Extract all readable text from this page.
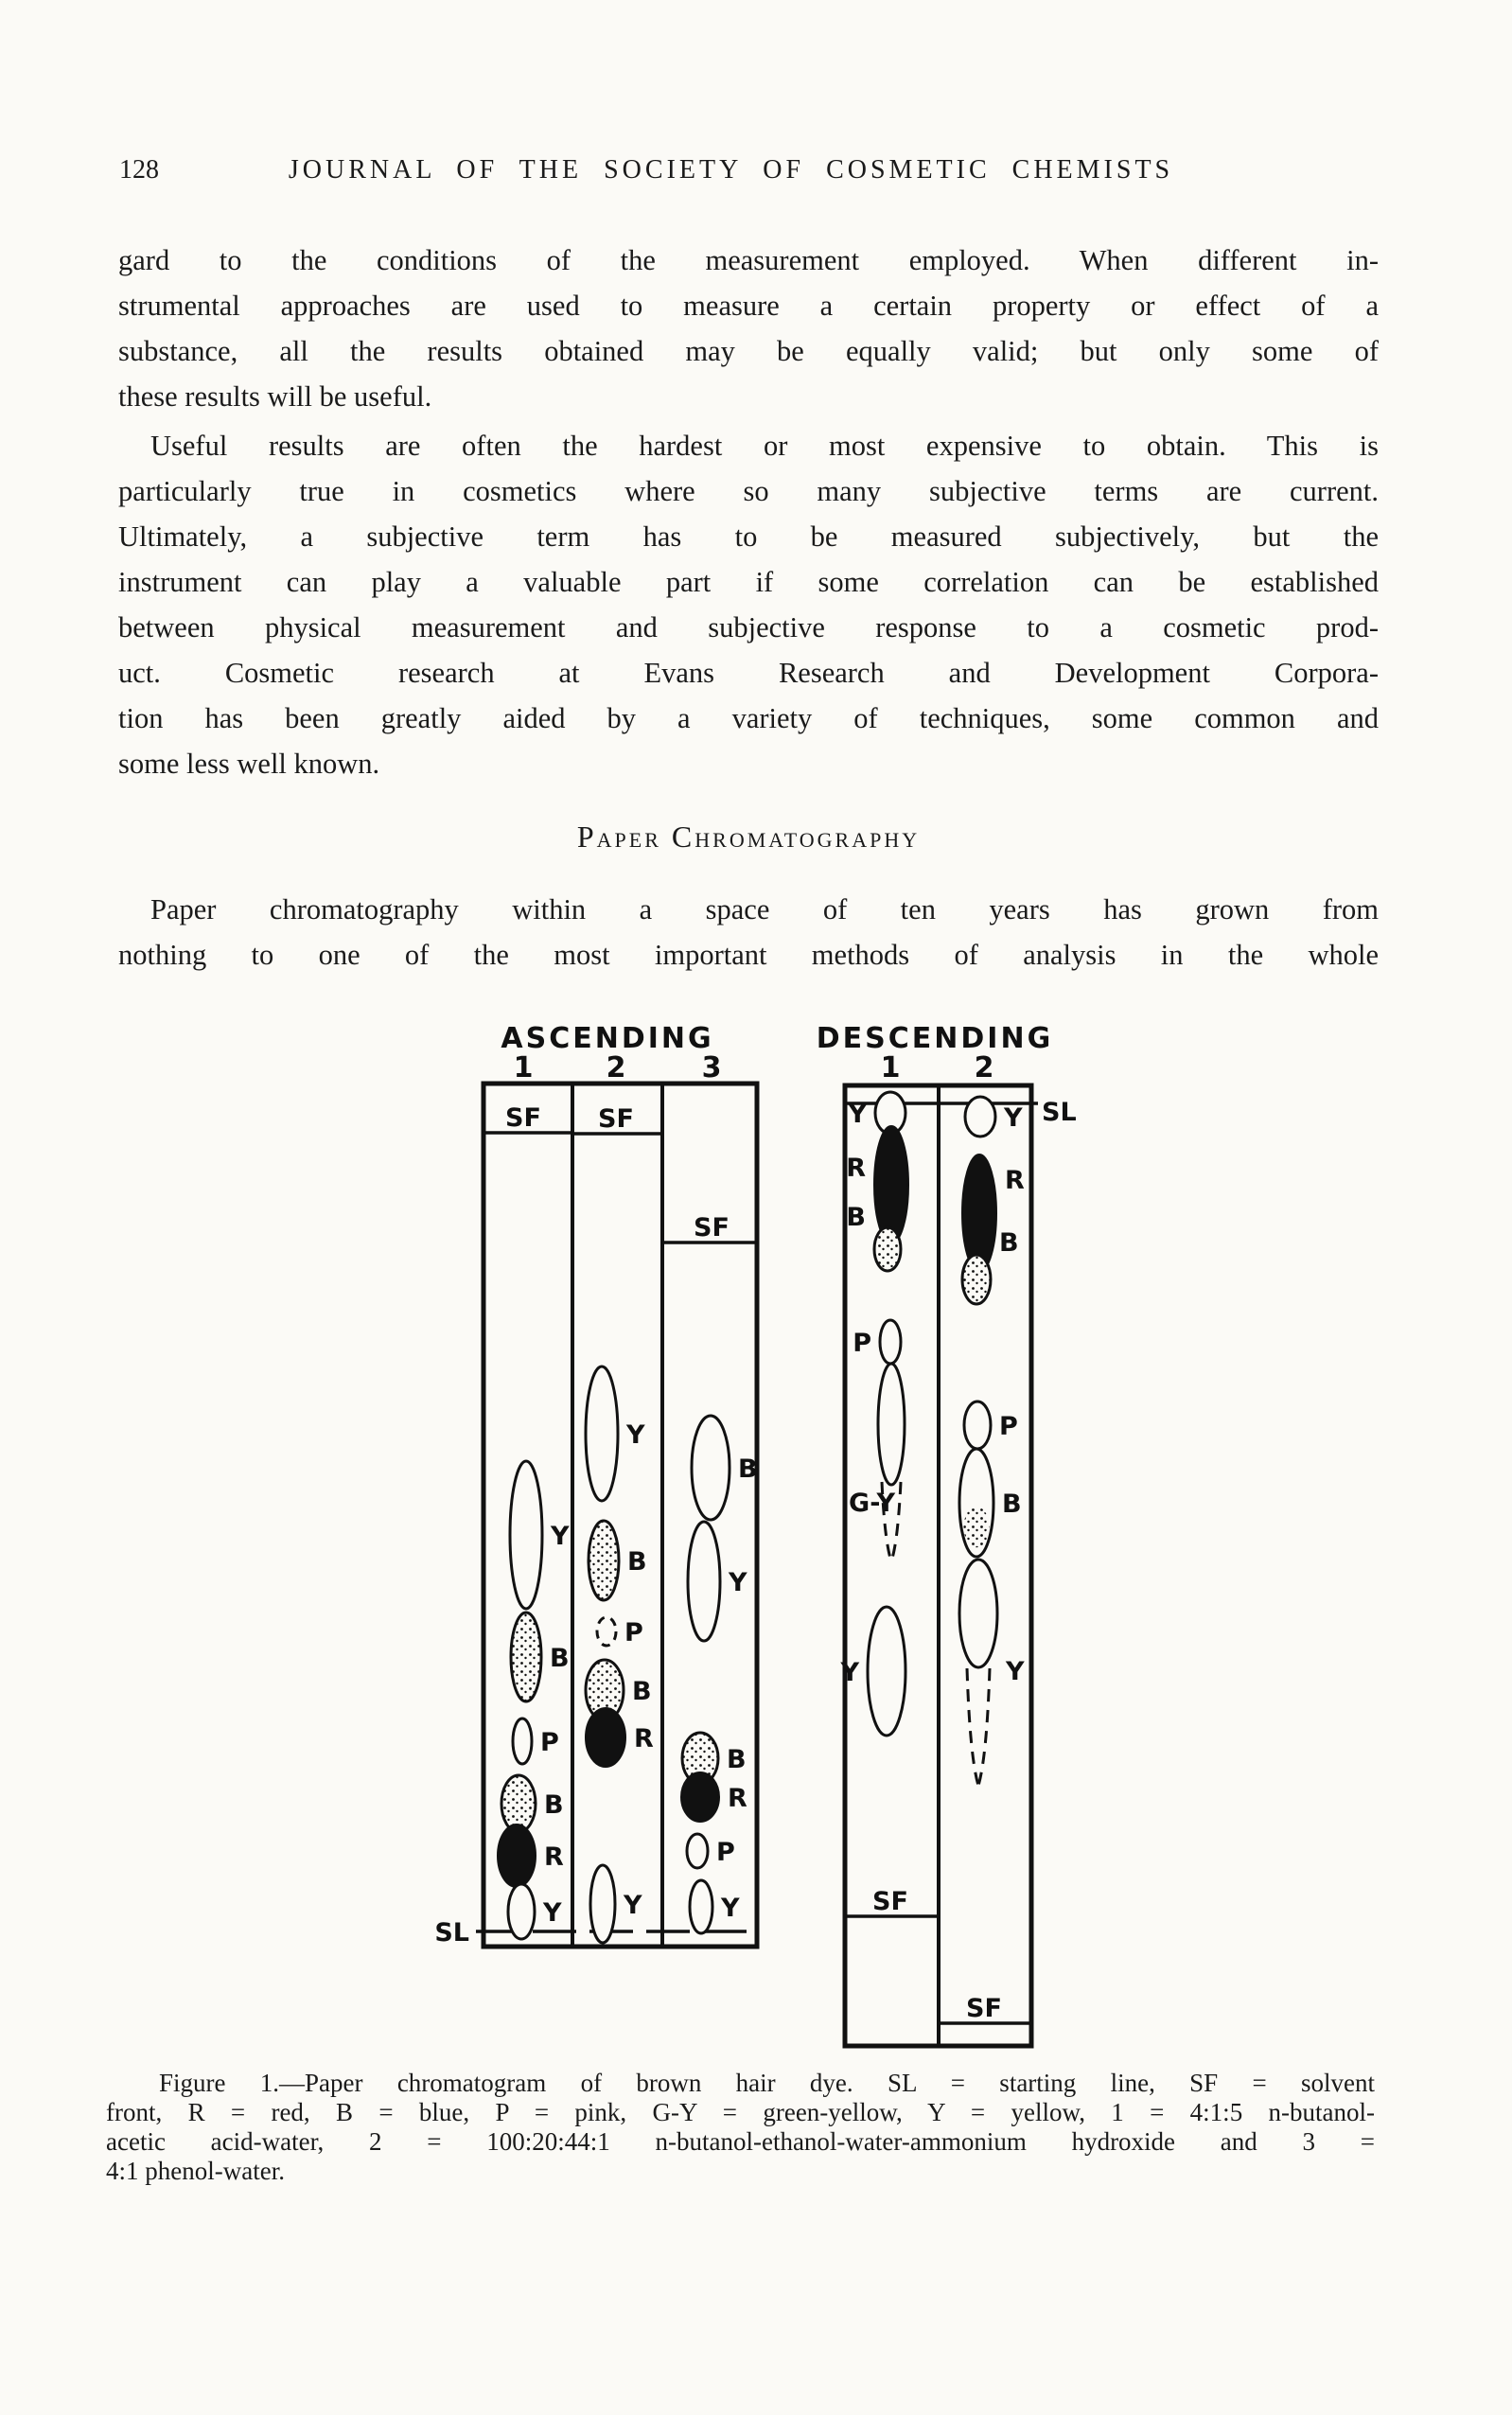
128	JOURNAL OF THE SOCIETY OF COSMETIC CHEMISTS
gard to the conditions of the measurement employed. When different in-
strumental approaches are used to measure a certain property or effect of a
substance, all the results obtained may be equally valid; but only some of
these results will be useful.
Useful results are often the hardest or most expensive to obtain. This is
particularly true in cosmetics where so many subjective terms are current.
Ultimately, a subjective term has to be measured subjectively, but the
instrument can play a valuable part if some correlation can be established
between physical measurement and subjective response to a cosmetic prod-
uct. Cosmetic research at Evans Research and Development Corpora-
tion has been greatly aided by a variety of techniques, some common and
some less well known.
Paper Chromatography
Paper chromatography within a space of ten years has grown from
nothing to one of the most important methods of analysis in the whole
ASCENDING
1	2	3
SF SF
SF
SL
Y
B
P
B
R
Y
Y
B
P
B
R
Y
B
Y
B
R
P
Y
DESCENDING
1	2
SF
SF
SL
Y
R
B
P
G-Y
Y
Y
R
B
P
B
Y
Figure 1.—Paper chromatogram of brown hair dye. SL = starting line, SF = solvent
front, R = red, B = blue, P = pink, G-Y = green-yellow, Y = yellow, 1 = 4:1:5 n-butanol-
acetic acid-water, 2 = 100:20:44:1 n-butanol-ethanol-water-ammonium hydroxide and 3 =
4:1 phenol-water.
